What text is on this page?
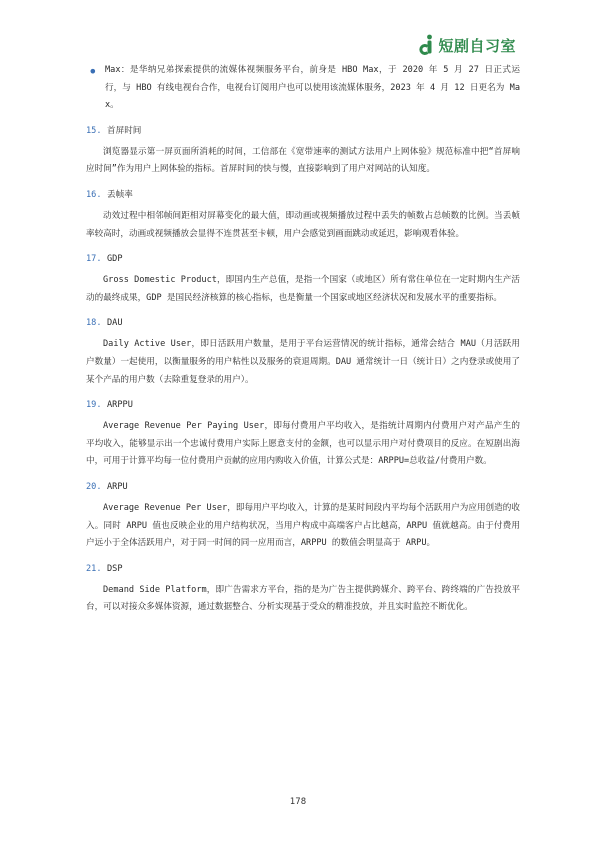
短剧自习室
• Max：是华纳兄弟探索提供的流媒体视频服务平台，前身是 HBO Max，于 2020 年 5 月 27 日正式运行，与 HBO 有线电视台合作，电视台订阅用户也可以使用该流媒体服务，2023 年 4 月 12 日更名为 Max。

15. 首屏时间

浏览器显示第一屏页面所消耗的时间，工信部在《宽带速率的测试方法用户上网体验》规范标准中把“首屏响应时间”作为用户上网体验的指标。首屏时间的快与慢，直接影响到了用户对网站的认知度。

16. 丢帧率

动效过程中相邻帧间距相对屏幕变化的最大值，即动画或视频播放过程中丢失的帧数占总帧数的比例。当丢帧率较高时，动画或视频播放会显得不连贯甚至卡顿，用户会感觉到画面跳动或延迟，影响观看体验。

17. GDP

Gross Domestic Product，即国内生产总值，是指一个国家（或地区）所有常住单位在一定时期内生产活动的最终成果，GDP 是国民经济核算的核心指标，也是衡量一个国家或地区经济状况和发展水平的重要指标。

18. DAU

Daily Active User，即日活跃用户数量，是用于平台运营情况的统计指标，通常会结合 MAU（月活跃用户数量）一起使用，以衡量服务的用户粘性以及服务的衰退周期。DAU 通常统计一日（统计日）之内登录或使用了某个产品的用户数（去除重复登录的用户）。

19. ARPPU

Average Revenue Per Paying User，即每付费用户平均收入，是指统计周期内付费用户对产品产生的平均收入，能够显示出一个忠诚付费用户实际上愿意支付的金额，也可以显示用户对付费项目的反应。在短剧出海中，可用于计算平均每一位付费用户贡献的应用内购收入价值，计算公式是：ARPPU=总收益/付费用户数。

20. ARPU

Average Revenue Per User，即每用户平均收入，计算的是某时间段内平均每个活跃用户为应用创造的收入。同时 ARPU 值也反映企业的用户结构状况，当用户构成中高端客户占比越高，ARPU 值就越高。由于付费用户远小于全体活跃用户，对于同一时间的同一应用而言，ARPPU 的数值会明显高于 ARPU。

21. DSP

Demand Side Platform，即广告需求方平台，指的是为广告主提供跨媒介、跨平台、跨终端的广告投放平台，可以对接众多媒体资源，通过数据整合、分析实现基于受众的精准投放，并且实时监控不断优化。

178
